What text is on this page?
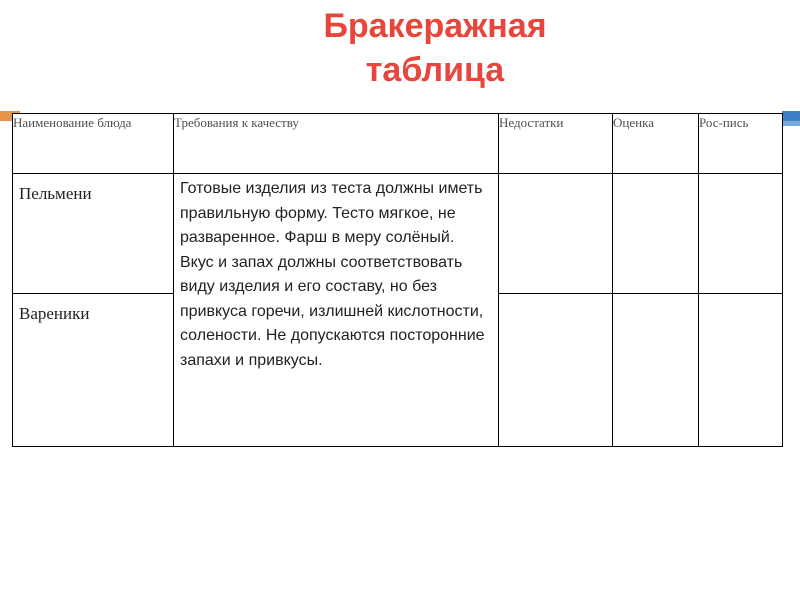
Бракеражная
таблица
Наименование блюда	Требования к качеству	Недостатки	Оценка	Рос-пись
Пельмени	Готовые изделия из теста должны иметь правильную форму. Тесто мягкое, не разваренное. Фарш в меру солёный. Вкус и запах должны соответствовать виду изделия и его составу, но без привкуса горечи, излишней кислотности, солености. Не допускаются посторонние запахи и привкусы.			
Вареники				
